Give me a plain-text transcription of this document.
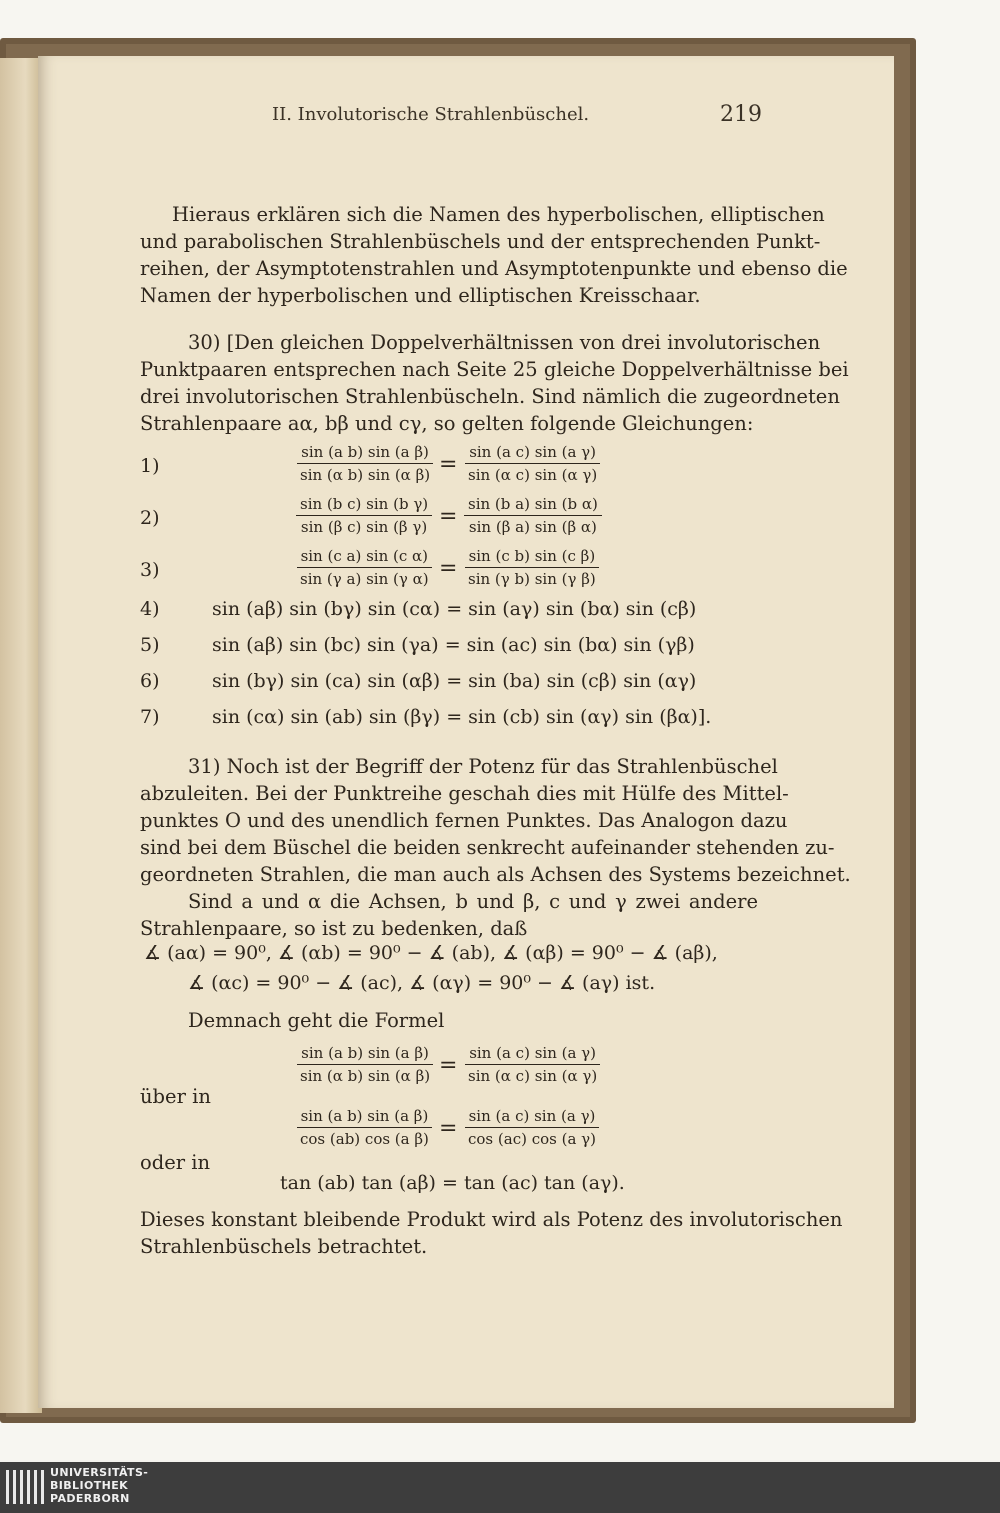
II. Involutorische Strahlenbüschel.	219
Hieraus erklären sich die Namen des hyperbolischen, elliptischen
und parabolischen Strahlenbüschels und der entsprechenden Punkt-
reihen, der Asymptotenstrahlen und Asymptotenpunkte und ebenso die
Namen der hyperbolischen und elliptischen Kreisschaar.
30) [Den gleichen Doppelverhältnissen von drei involutorischen
Punktpaaren entsprechen nach Seite 25 gleiche Doppelverhältnisse bei
drei involutorischen Strahlenbüscheln. Sind nämlich die zugeordneten
Strahlenpaare aα, bβ und cγ, so gelten folgende Gleichungen:
1)	$\frac{\text{sin (a b) sin (a β)}}{\text{sin (α b) sin (α β)}} = \frac{\text{sin (a c) sin (a γ)}}{\text{sin (α c) sin (α γ)}}$
2)	$\frac{\text{sin (b c) sin (b γ)}}{\text{sin (β c) sin (β γ)}} = \frac{\text{sin (b a) sin (b α)}}{\text{sin (β a) sin (β α)}}$
3)	$\frac{\text{sin (c a) sin (c α)}}{\text{sin (γ a) sin (γ α)}} = \frac{\text{sin (c b) sin (c β)}}{\text{sin (γ b) sin (γ β)}}$
4)	sin (aβ) sin (bγ) sin (cα) = sin (aγ) sin (bα) sin (cβ)
5)	sin (aβ) sin (bc) sin (γa) = sin (ac) sin (bα) sin (γβ)
6)	sin (bγ) sin (ca) sin (αβ) = sin (ba) sin (cβ) sin (αγ)
7)	sin (cα) sin (ab) sin (βγ) = sin (cb) sin (αγ) sin (βα)].
31) Noch ist der Begriff der Potenz für das Strahlenbüschel
abzuleiten. Bei der Punktreihe geschah dies mit Hülfe des Mittel-
punktes O und des unendlich fernen Punktes. Das Analogon dazu
sind bei dem Büschel die beiden senkrecht aufeinander stehenden zu-
geordneten Strahlen, die man auch als Achsen des Systems bezeichnet.
Sind a und α die Achsen, b und β, c und γ zwei andere
Strahlenpaare, so ist zu bedenken, daß
∡ (aα) = 90⁰, ∡ (αb) = 90⁰ − ∡ (ab), ∡ (αβ) = 90⁰ − ∡ (aβ),
∡ (αc) = 90⁰ − ∡ (ac), ∡ (αγ) = 90⁰ − ∡ (aγ) ist.
Demnach geht die Formel
$\frac{\text{sin (a b) sin (a β)}}{\text{sin (α b) sin (α β)}} = \frac{\text{sin (a c) sin (a γ)}}{\text{sin (α c) sin (α γ)}}$
über in
$\frac{\text{sin (a b) sin (a β)}}{\text{cos (ab) cos (a β)}} = \frac{\text{sin (a c) sin (a γ)}}{\text{cos (ac) cos (a γ)}}$
oder in
tan (ab) tan (aβ) = tan (ac) tan (aγ).
Dieses konstant bleibende Produkt wird als Potenz des involutorischen
Strahlenbüschels betrachtet.
UNIVERSITÄTS-
BIBLIOTHEK
PADERBORN
